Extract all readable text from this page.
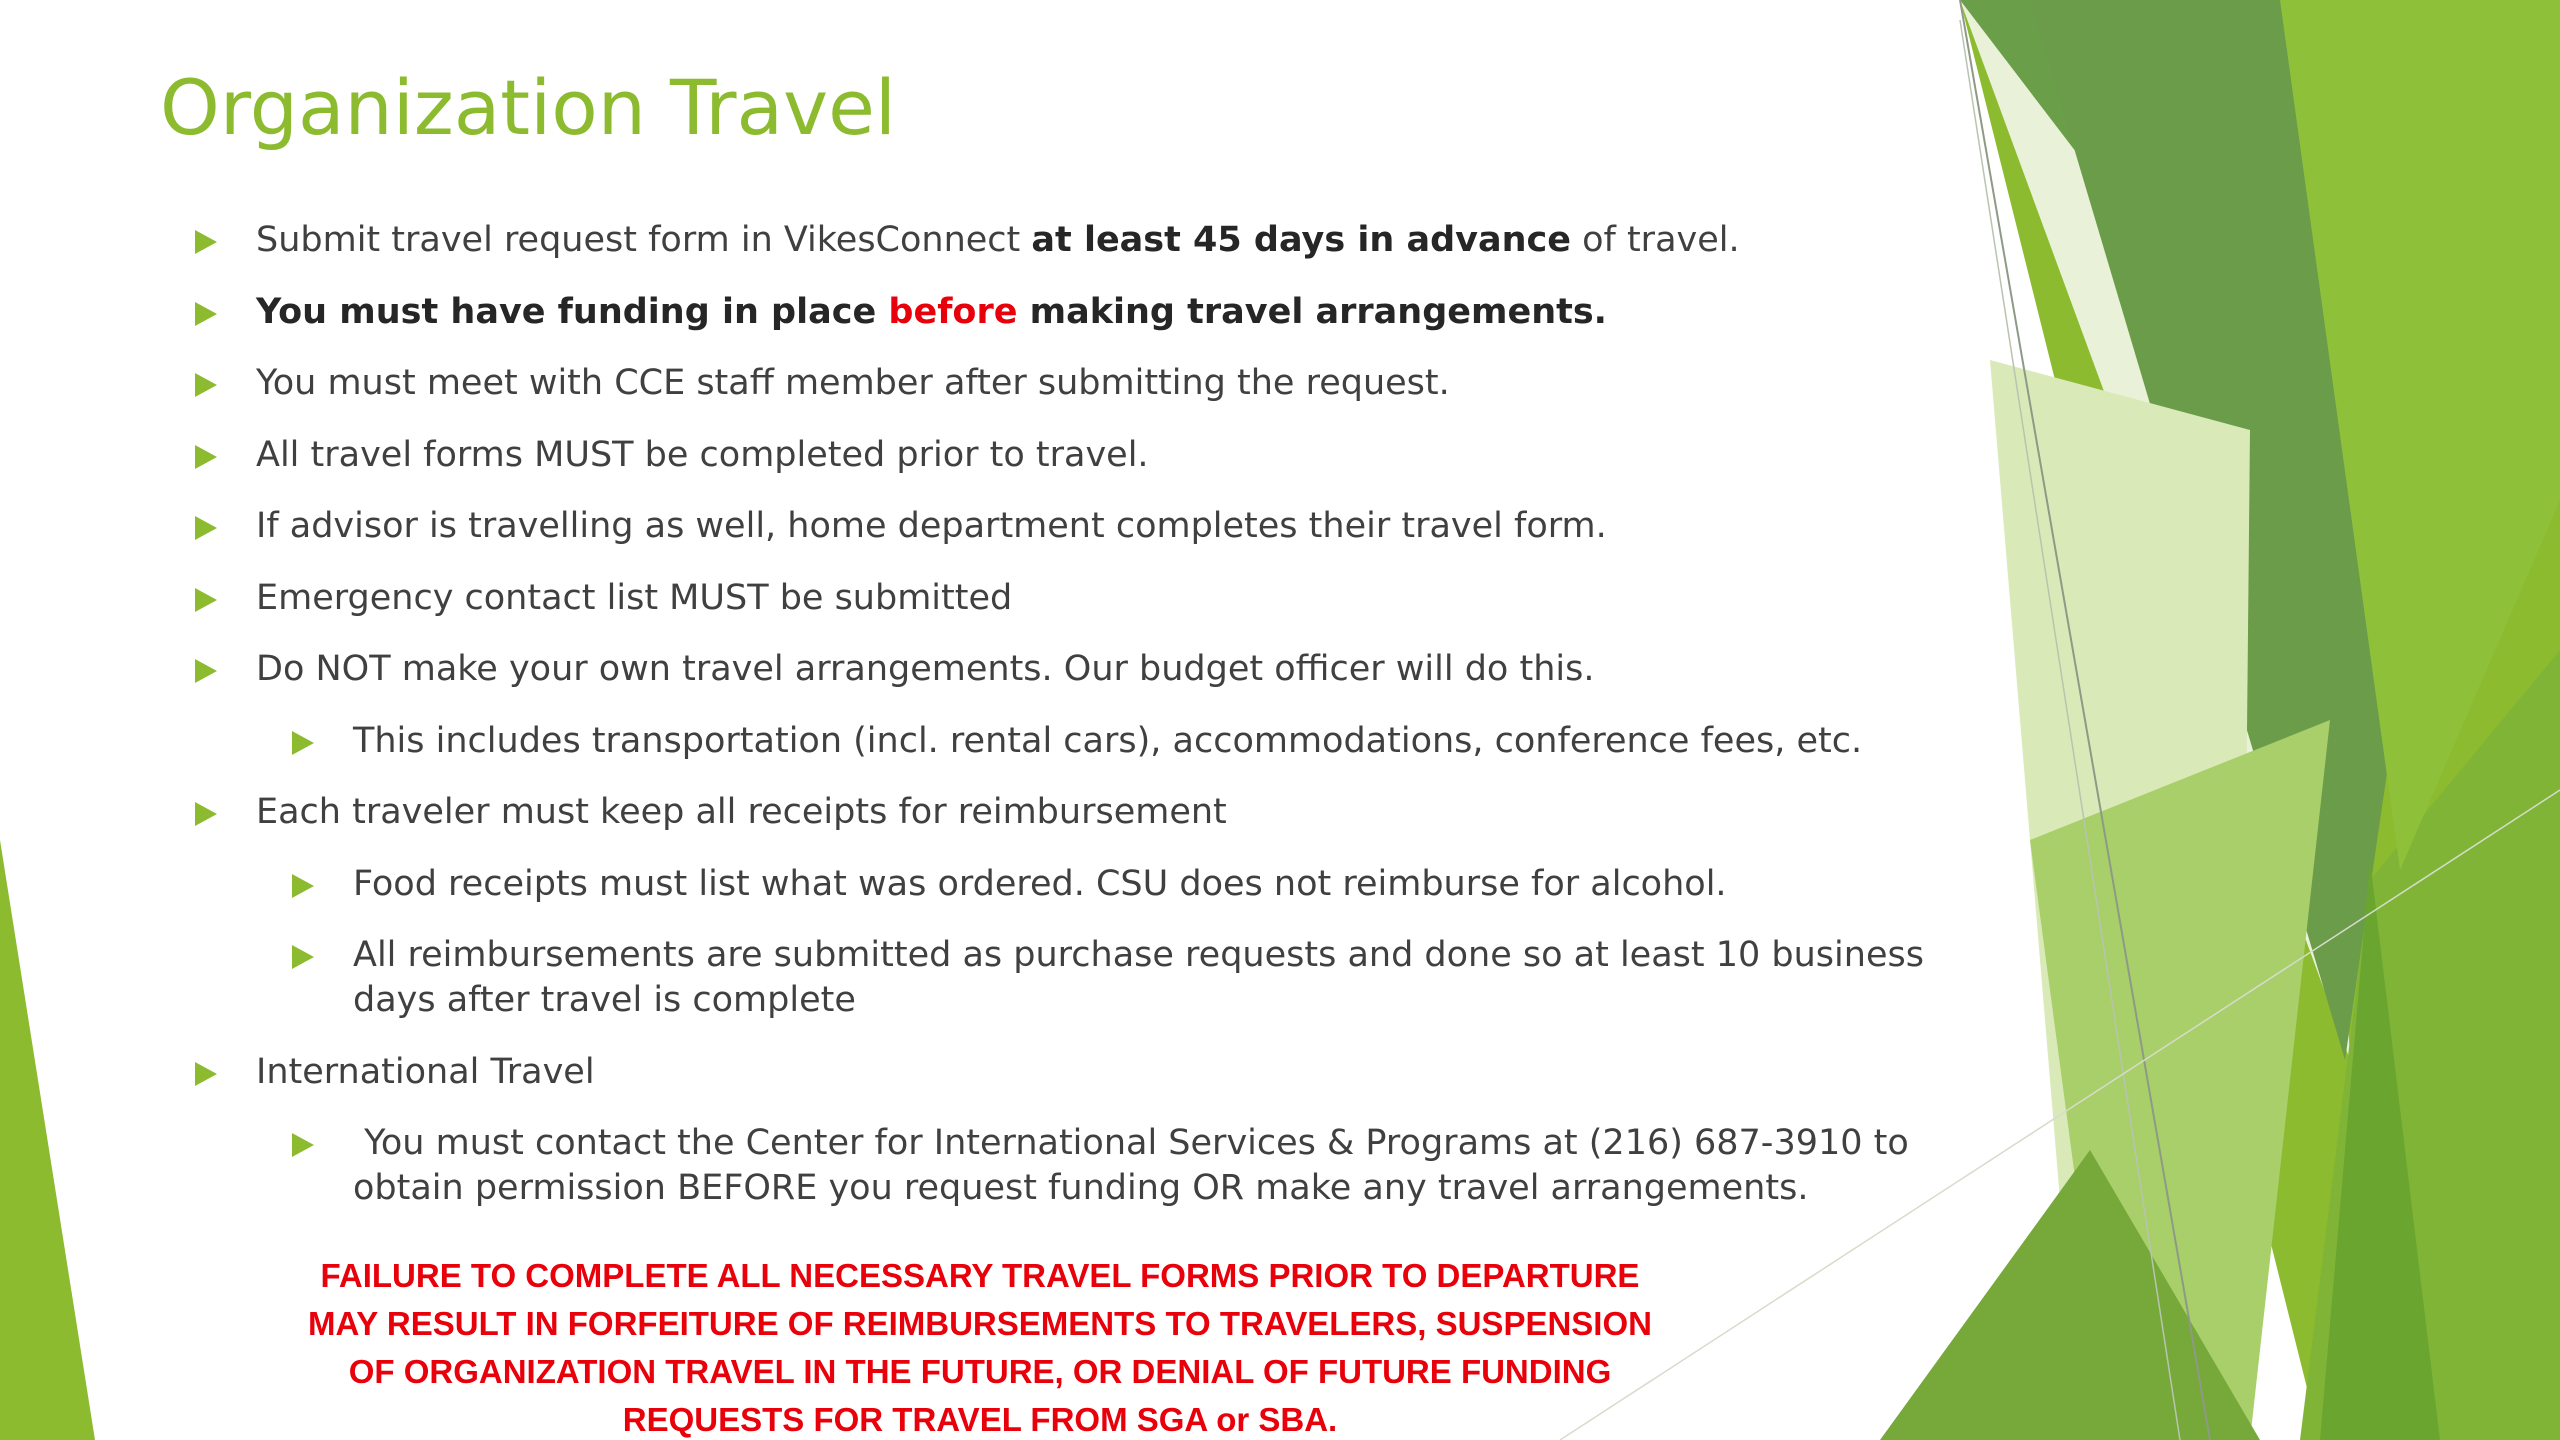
Organization Travel
Submit travel request form in VikesConnect at least 45 days in advance of travel.
You must have funding in place before making travel arrangements.
You must meet with CCE staff member after submitting the request.
All travel forms MUST be completed prior to travel.
If advisor is travelling as well, home department completes their travel form.
Emergency contact list MUST be submitted
Do NOT make your own travel arrangements. Our budget officer will do this.
This includes transportation (incl. rental cars), accommodations, conference fees, etc.
Each traveler must keep all receipts for reimbursement
Food receipts must list what was ordered. CSU does not reimburse for alcohol.
All reimbursements are submitted as purchase requests and done so at least 10 business days after travel is complete
International Travel
You must contact the Center for International Services & Programs at (216) 687-3910 to obtain permission BEFORE you request funding OR make any travel arrangements.

FAILURE TO COMPLETE ALL NECESSARY TRAVEL FORMS PRIOR TO DEPARTURE MAY RESULT IN FORFEITURE OF REIMBURSEMENTS TO TRAVELERS, SUSPENSION OF ORGANIZATION TRAVEL IN THE FUTURE, OR DENIAL OF FUTURE FUNDING REQUESTS FOR TRAVEL FROM SGA or SBA.
